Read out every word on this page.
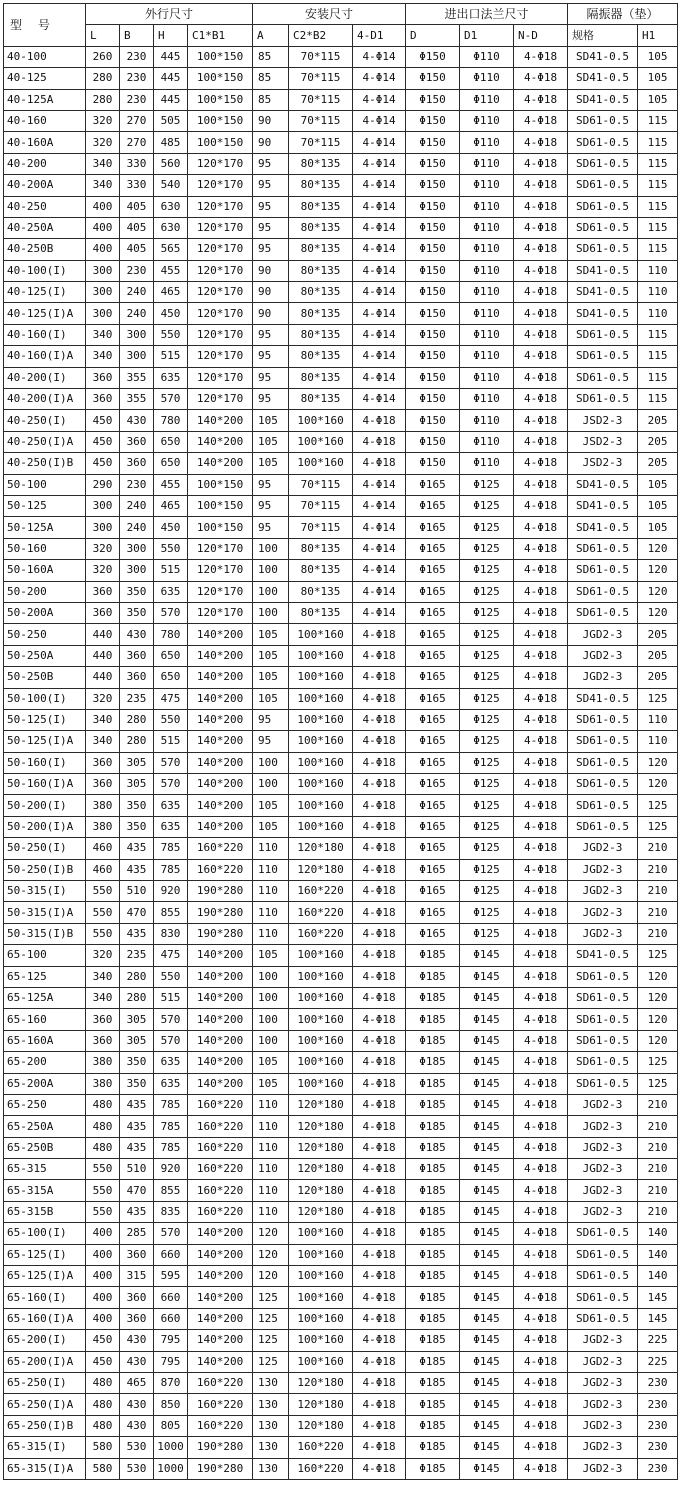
型 号	外行尺寸				安装尺寸			进出口法兰尺寸			隔振器（垫）	
	L	B	H	C1*B1	A	C2*B2	4-D1	D	D1	N-D	规格	H1
40-100	260	230	445	100*150	85	70*115	4-Φ14	Φ150	Φ110	4-Φ18	SD41-0.5	105
40-125	280	230	445	100*150	85	70*115	4-Φ14	Φ150	Φ110	4-Φ18	SD41-0.5	105
40-125A	280	230	445	100*150	85	70*115	4-Φ14	Φ150	Φ110	4-Φ18	SD41-0.5	105
40-160	320	270	505	100*150	90	70*115	4-Φ14	Φ150	Φ110	4-Φ18	SD61-0.5	115
40-160A	320	270	485	100*150	90	70*115	4-Φ14	Φ150	Φ110	4-Φ18	SD61-0.5	115
40-200	340	330	560	120*170	95	80*135	4-Φ14	Φ150	Φ110	4-Φ18	SD61-0.5	115
40-200A	340	330	540	120*170	95	80*135	4-Φ14	Φ150	Φ110	4-Φ18	SD61-0.5	115
40-250	400	405	630	120*170	95	80*135	4-Φ14	Φ150	Φ110	4-Φ18	SD61-0.5	115
40-250A	400	405	630	120*170	95	80*135	4-Φ14	Φ150	Φ110	4-Φ18	SD61-0.5	115
40-250B	400	405	565	120*170	95	80*135	4-Φ14	Φ150	Φ110	4-Φ18	SD61-0.5	115
40-100(I)	300	230	455	120*170	90	80*135	4-Φ14	Φ150	Φ110	4-Φ18	SD41-0.5	110
40-125(I)	300	240	465	120*170	90	80*135	4-Φ14	Φ150	Φ110	4-Φ18	SD41-0.5	110
40-125(I)A	300	240	450	120*170	90	80*135	4-Φ14	Φ150	Φ110	4-Φ18	SD41-0.5	110
40-160(I)	340	300	550	120*170	95	80*135	4-Φ14	Φ150	Φ110	4-Φ18	SD61-0.5	115
40-160(I)A	340	300	515	120*170	95	80*135	4-Φ14	Φ150	Φ110	4-Φ18	SD61-0.5	115
40-200(I)	360	355	635	120*170	95	80*135	4-Φ14	Φ150	Φ110	4-Φ18	SD61-0.5	115
40-200(I)A	360	355	570	120*170	95	80*135	4-Φ14	Φ150	Φ110	4-Φ18	SD61-0.5	115
40-250(I)	450	430	780	140*200	105	100*160	4-Φ18	Φ150	Φ110	4-Φ18	JSD2-3	205
40-250(I)A	450	360	650	140*200	105	100*160	4-Φ18	Φ150	Φ110	4-Φ18	JSD2-3	205
40-250(I)B	450	360	650	140*200	105	100*160	4-Φ18	Φ150	Φ110	4-Φ18	JSD2-3	205
50-100	290	230	455	100*150	95	70*115	4-Φ14	Φ165	Φ125	4-Φ18	SD41-0.5	105
50-125	300	240	465	100*150	95	70*115	4-Φ14	Φ165	Φ125	4-Φ18	SD41-0.5	105
50-125A	300	240	450	100*150	95	70*115	4-Φ14	Φ165	Φ125	4-Φ18	SD41-0.5	105
50-160	320	300	550	120*170	100	80*135	4-Φ14	Φ165	Φ125	4-Φ18	SD61-0.5	120
50-160A	320	300	515	120*170	100	80*135	4-Φ14	Φ165	Φ125	4-Φ18	SD61-0.5	120
50-200	360	350	635	120*170	100	80*135	4-Φ14	Φ165	Φ125	4-Φ18	SD61-0.5	120
50-200A	360	350	570	120*170	100	80*135	4-Φ14	Φ165	Φ125	4-Φ18	SD61-0.5	120
50-250	440	430	780	140*200	105	100*160	4-Φ18	Φ165	Φ125	4-Φ18	JGD2-3	205
50-250A	440	360	650	140*200	105	100*160	4-Φ18	Φ165	Φ125	4-Φ18	JGD2-3	205
50-250B	440	360	650	140*200	105	100*160	4-Φ18	Φ165	Φ125	4-Φ18	JGD2-3	205
50-100(I)	320	235	475	140*200	105	100*160	4-Φ18	Φ165	Φ125	4-Φ18	SD41-0.5	125
50-125(I)	340	280	550	140*200	95	100*160	4-Φ18	Φ165	Φ125	4-Φ18	SD61-0.5	110
50-125(I)A	340	280	515	140*200	95	100*160	4-Φ18	Φ165	Φ125	4-Φ18	SD61-0.5	110
50-160(I)	360	305	570	140*200	100	100*160	4-Φ18	Φ165	Φ125	4-Φ18	SD61-0.5	120
50-160(I)A	360	305	570	140*200	100	100*160	4-Φ18	Φ165	Φ125	4-Φ18	SD61-0.5	120
50-200(I)	380	350	635	140*200	105	100*160	4-Φ18	Φ165	Φ125	4-Φ18	SD61-0.5	125
50-200(I)A	380	350	635	140*200	105	100*160	4-Φ18	Φ165	Φ125	4-Φ18	SD61-0.5	125
50-250(I)	460	435	785	160*220	110	120*180	4-Φ18	Φ165	Φ125	4-Φ18	JGD2-3	210
50-250(I)B	460	435	785	160*220	110	120*180	4-Φ18	Φ165	Φ125	4-Φ18	JGD2-3	210
50-315(I)	550	510	920	190*280	110	160*220	4-Φ18	Φ165	Φ125	4-Φ18	JGD2-3	210
50-315(I)A	550	470	855	190*280	110	160*220	4-Φ18	Φ165	Φ125	4-Φ18	JGD2-3	210
50-315(I)B	550	435	830	190*280	110	160*220	4-Φ18	Φ165	Φ125	4-Φ18	JGD2-3	210
65-100	320	235	475	140*200	105	100*160	4-Φ18	Φ185	Φ145	4-Φ18	SD41-0.5	125
65-125	340	280	550	140*200	100	100*160	4-Φ18	Φ185	Φ145	4-Φ18	SD61-0.5	120
65-125A	340	280	515	140*200	100	100*160	4-Φ18	Φ185	Φ145	4-Φ18	SD61-0.5	120
65-160	360	305	570	140*200	100	100*160	4-Φ18	Φ185	Φ145	4-Φ18	SD61-0.5	120
65-160A	360	305	570	140*200	100	100*160	4-Φ18	Φ185	Φ145	4-Φ18	SD61-0.5	120
65-200	380	350	635	140*200	105	100*160	4-Φ18	Φ185	Φ145	4-Φ18	SD61-0.5	125
65-200A	380	350	635	140*200	105	100*160	4-Φ18	Φ185	Φ145	4-Φ18	SD61-0.5	125
65-250	480	435	785	160*220	110	120*180	4-Φ18	Φ185	Φ145	4-Φ18	JGD2-3	210
65-250A	480	435	785	160*220	110	120*180	4-Φ18	Φ185	Φ145	4-Φ18	JGD2-3	210
65-250B	480	435	785	160*220	110	120*180	4-Φ18	Φ185	Φ145	4-Φ18	JGD2-3	210
65-315	550	510	920	160*220	110	120*180	4-Φ18	Φ185	Φ145	4-Φ18	JGD2-3	210
65-315A	550	470	855	160*220	110	120*180	4-Φ18	Φ185	Φ145	4-Φ18	JGD2-3	210
65-315B	550	435	835	160*220	110	120*180	4-Φ18	Φ185	Φ145	4-Φ18	JGD2-3	210
65-100(I)	400	285	570	140*200	120	100*160	4-Φ18	Φ185	Φ145	4-Φ18	SD61-0.5	140
65-125(I)	400	360	660	140*200	120	100*160	4-Φ18	Φ185	Φ145	4-Φ18	SD61-0.5	140
65-125(I)A	400	315	595	140*200	120	100*160	4-Φ18	Φ185	Φ145	4-Φ18	SD61-0.5	140
65-160(I)	400	360	660	140*200	125	100*160	4-Φ18	Φ185	Φ145	4-Φ18	SD61-0.5	145
65-160(I)A	400	360	660	140*200	125	100*160	4-Φ18	Φ185	Φ145	4-Φ18	SD61-0.5	145
65-200(I)	450	430	795	140*200	125	100*160	4-Φ18	Φ185	Φ145	4-Φ18	JGD2-3	225
65-200(I)A	450	430	795	140*200	125	100*160	4-Φ18	Φ185	Φ145	4-Φ18	JGD2-3	225
65-250(I)	480	465	870	160*220	130	120*180	4-Φ18	Φ185	Φ145	4-Φ18	JGD2-3	230
65-250(I)A	480	430	850	160*220	130	120*180	4-Φ18	Φ185	Φ145	4-Φ18	JGD2-3	230
65-250(I)B	480	430	805	160*220	130	120*180	4-Φ18	Φ185	Φ145	4-Φ18	JGD2-3	230
65-315(I)	580	530	1000	190*280	130	160*220	4-Φ18	Φ185	Φ145	4-Φ18	JGD2-3	230
65-315(I)A	580	530	1000	190*280	130	160*220	4-Φ18	Φ185	Φ145	4-Φ18	JGD2-3	230
